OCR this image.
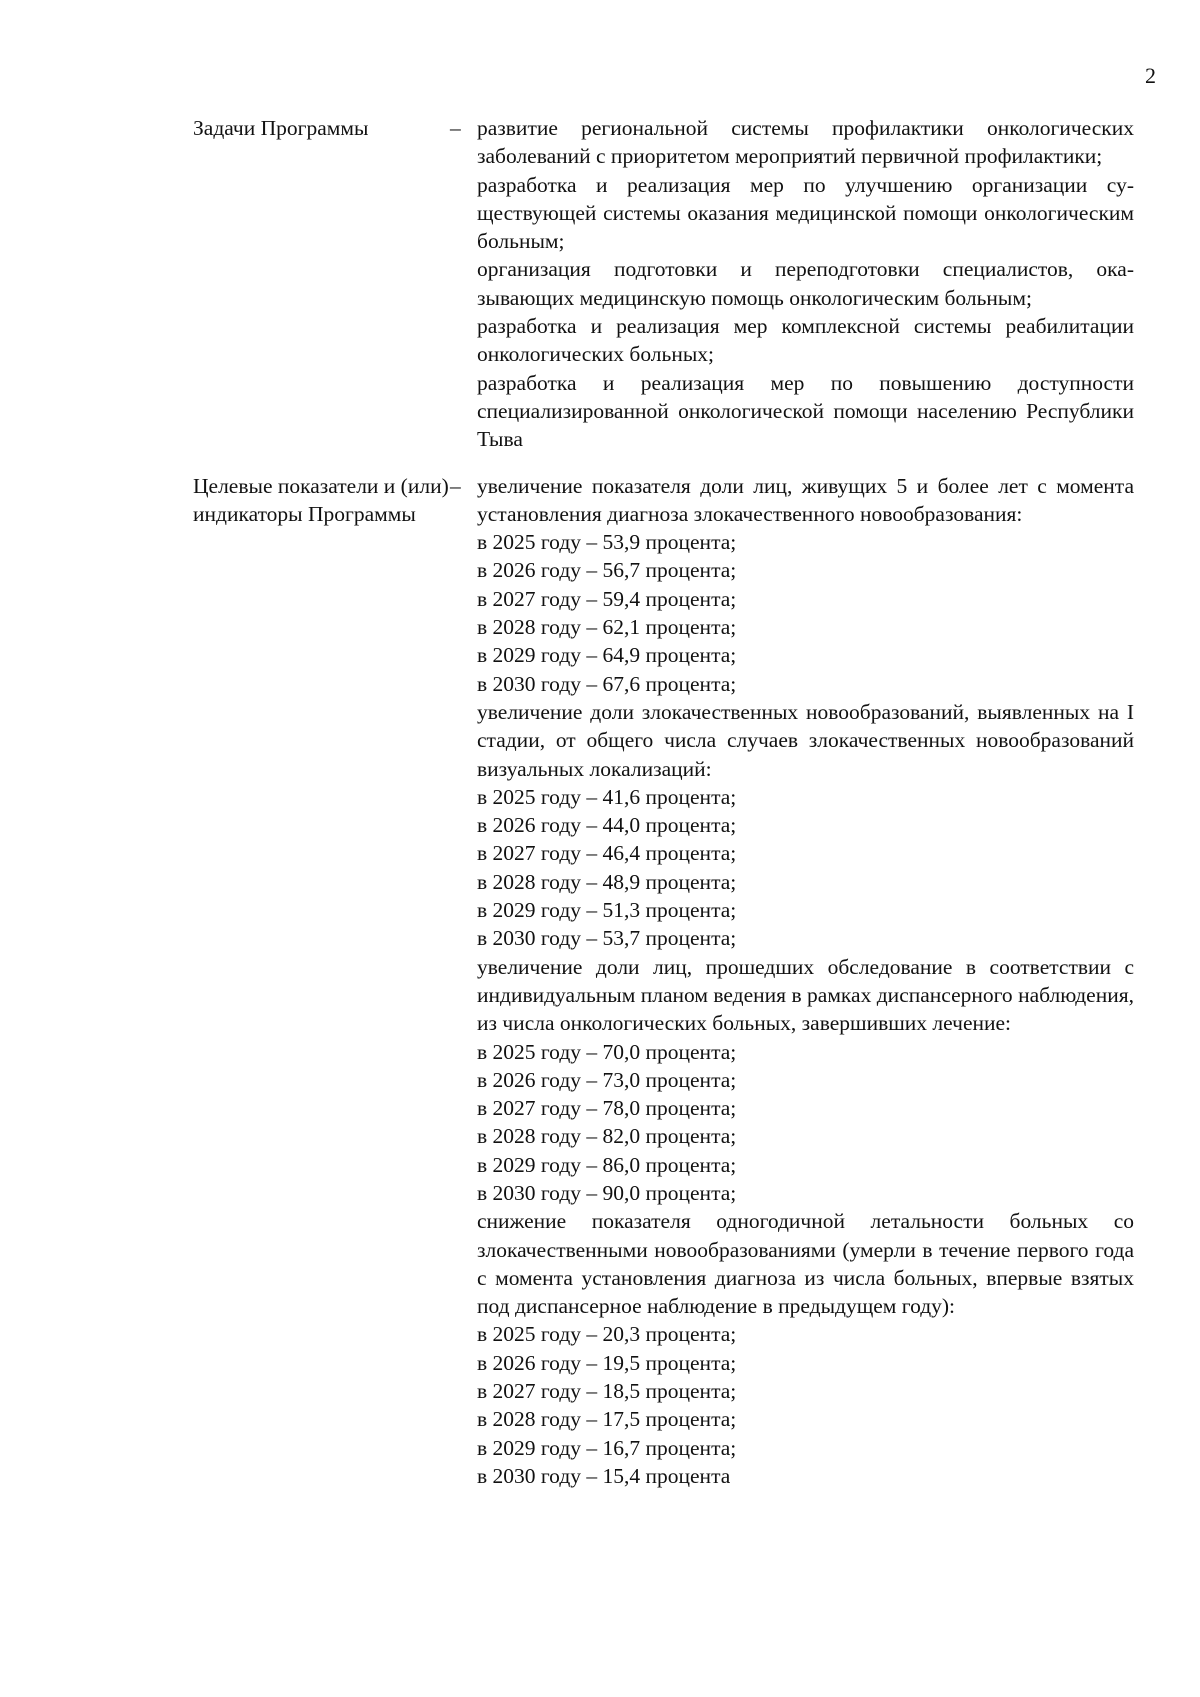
2
Задачи Программы	– развитие региональной системы профилактики онкологических заболеваний с приоритетом мероприятий первичной профилактики;
разработка и реализация мер по улучшению организации существующей системы оказания медицинской помощи онкологическим больным;
организация подготовки и переподготовки специалистов, оказывающих медицинскую помощь онкологическим больным;
разработка и реализация мер комплексной системы реабилитации онкологических больных;
разработка и реализация мер по повышению доступности специализированной онкологической помощи населению Республики Тыва
Целевые показатели и (или) индикаторы Программы
– увеличение показателя доли лиц, живущих 5 и более лет с момента установления диагноза злокачественного новообразования:
в 2025 году – 53,9 процента;
в 2026 году – 56,7 процента;
в 2027 году – 59,4 процента;
в 2028 году – 62,1 процента;
в 2029 году – 64,9 процента;
в 2030 году – 67,6 процента;
увеличение доли злокачественных новообразований, выявленных на I стадии, от общего числа случаев злокачественных новообразований визуальных локализаций:
в 2025 году – 41,6 процента;
в 2026 году – 44,0 процента;
в 2027 году – 46,4 процента;
в 2028 году – 48,9 процента;
в 2029 году – 51,3 процента;
в 2030 году – 53,7 процента;
увеличение доли лиц, прошедших обследование в соответствии с индивидуальным планом ведения в рамках диспансерного наблюдения, из числа онкологических больных, завершивших лечение:
в 2025 году – 70,0 процента;
в 2026 году – 73,0 процента;
в 2027 году – 78,0 процента;
в 2028 году – 82,0 процента;
в 2029 году – 86,0 процента;
в 2030 году – 90,0 процента;
снижение показателя одногодичной летальности больных со злокачественными новообразованиями (умерли в течение первого года с момента установления диагноза из числа больных, впервые взятых под диспансерное наблюдение в предыдущем году):
в 2025 году – 20,3 процента;
в 2026 году – 19,5 процента;
в 2027 году – 18,5 процента;
в 2028 году – 17,5 процента;
в 2029 году – 16,7 процента;
в 2030 году – 15,4 процента
